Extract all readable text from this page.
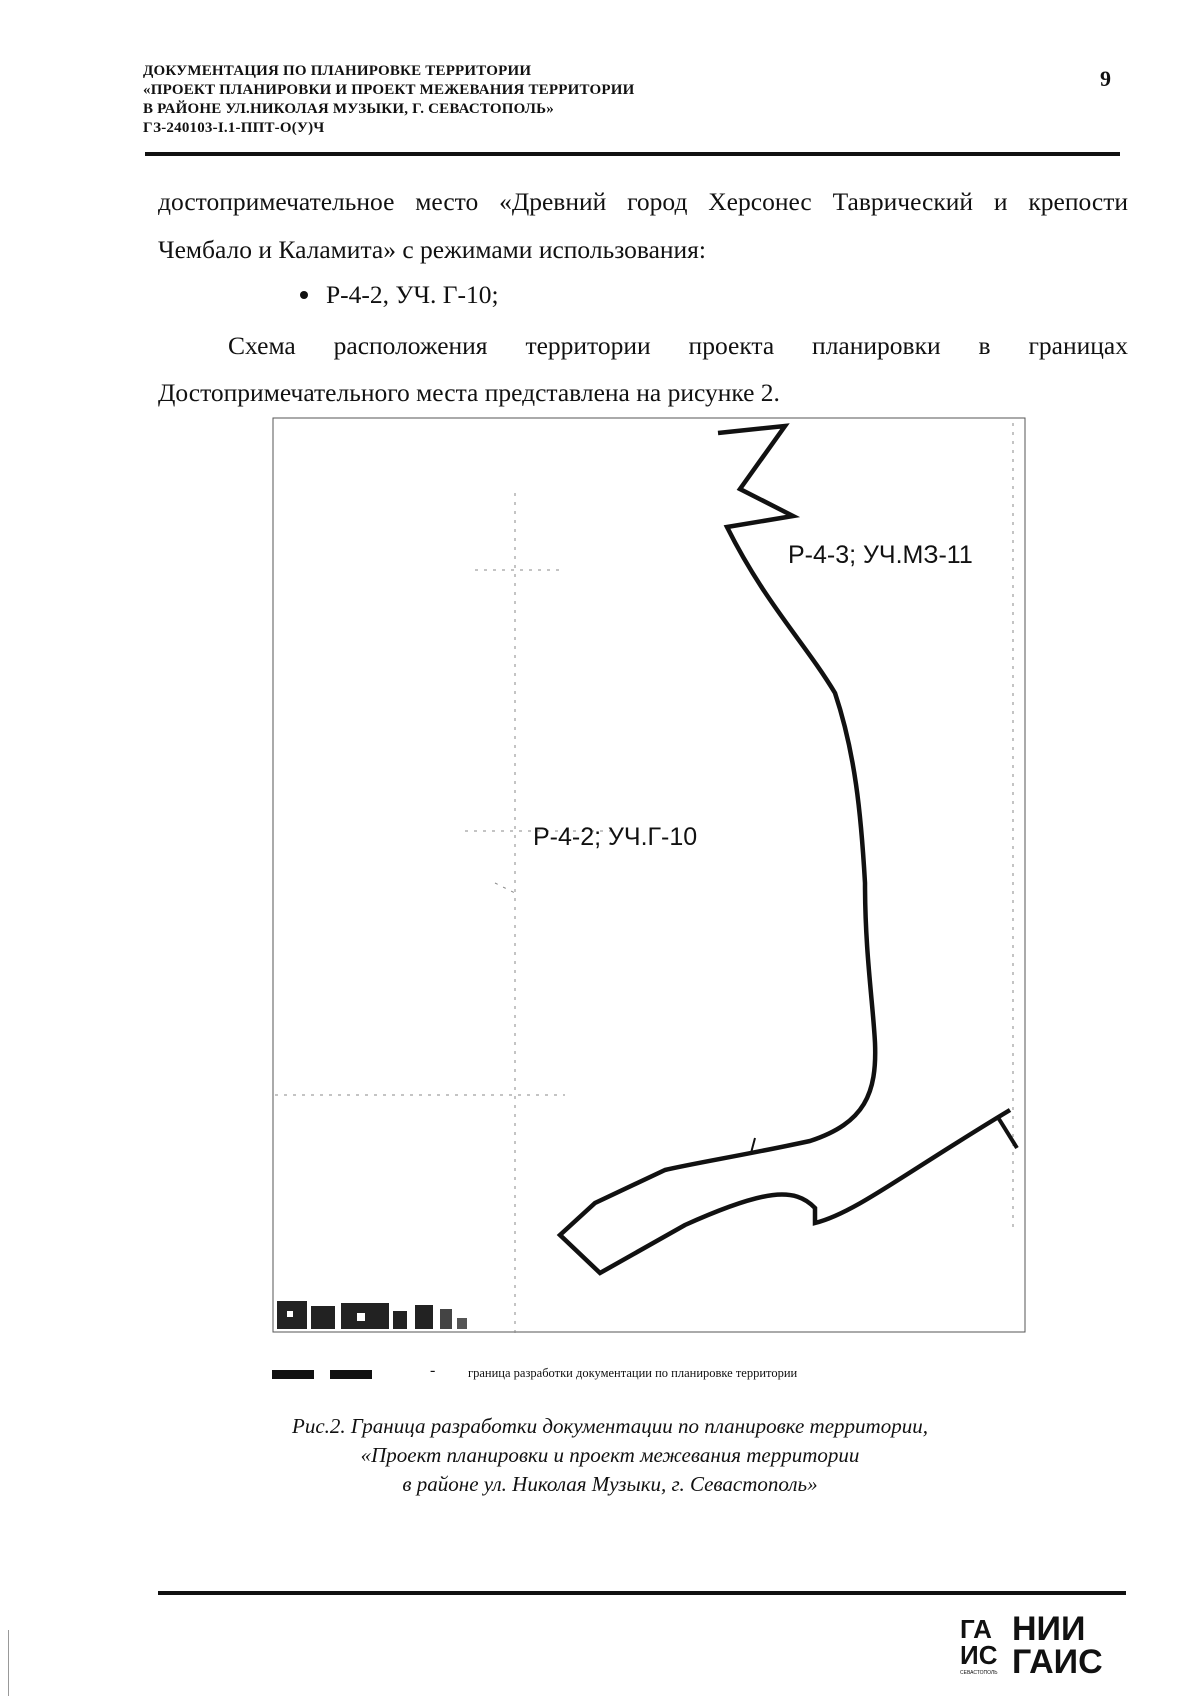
ДОКУМЕНТАЦИЯ ПО ПЛАНИРОВКЕ ТЕРРИТОРИИ
«ПРОЕКТ ПЛАНИРОВКИ И ПРОЕКТ МЕЖЕВАНИЯ ТЕРРИТОРИИ
В РАЙОНЕ УЛ.НИКОЛАЯ МУЗЫКИ, Г. СЕВАСТОПОЛЬ»
ГЗ-240103-I.1-ППТ-О(У)Ч
9
достопримечательное место «Древний город Херсонес Таврический и крепости
Чембало и Каламита» с режимами использования:
Р-4-2, УЧ. Г-10;
Схема расположения территории проекта планировки в границах
Достопримечательного места представлена на рисунке 2.
Р-4-3; УЧ.МЗ-11
Р-4-2; УЧ.Г-10
-	граница разработки документации по планировке территории
Рис.2. Граница разработки документации по планировке территории,
«Проект планировки и проект межевания территории
в районе ул. Николая Музыки, г. Севастополь»
ГА
ИС
СЕВАСТОПОЛЬ
НИИ
ГАИС
